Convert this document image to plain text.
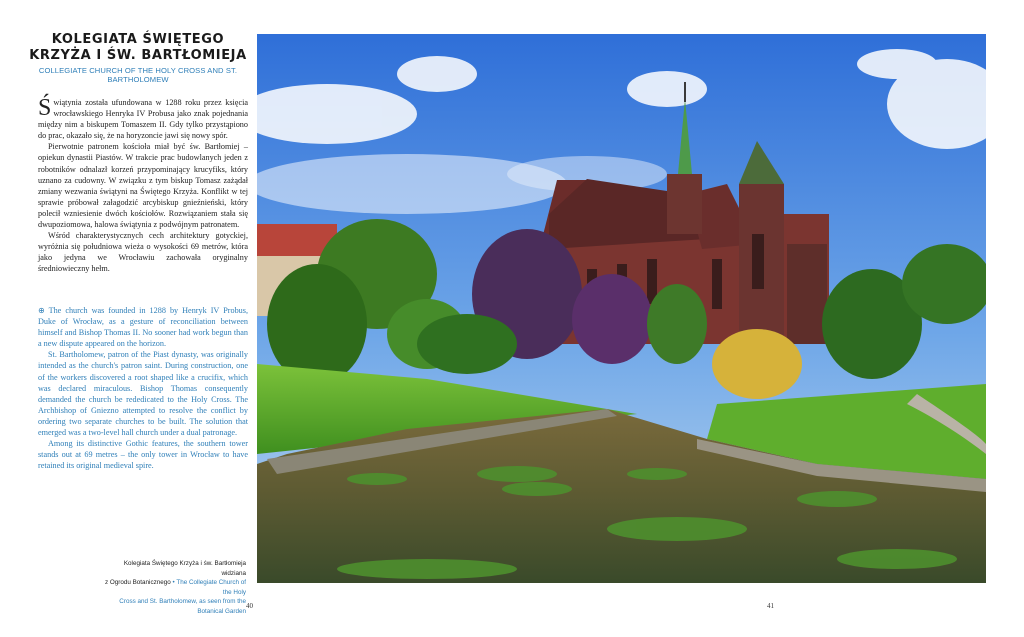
KOLEGIATA ŚWIĘTEGO
KRZYŻA I ŚW. BARTŁOMIEJA
COLLEGIATE CHURCH OF THE HOLY CROSS AND ST. BARTHOLOMEW

Świątynia została ufundowana w 1288 roku przez księcia wrocławskiego Henryka IV Probusa jako znak pojednania między nim a biskupem Tomaszem II. Gdy tylko przystąpiono do prac, okazało się, że na horyzoncie jawi się nowy spór.

Pierwotnie patronem kościoła miał być św. Bartłomiej – opiekun dynastii Piastów. W trakcie prac budowlanych jeden z robotników odnalazł korzeń przypominający krucyfiks, który uznano za cudowny. W związku z tym biskup Tomasz zażądał zmiany wezwania świątyni na Świętego Krzyża. Konflikt w tej sprawie próbował załagodzić arcybiskup gnieźnieński, który polecił wzniesienie dwóch kościołów. Rozwiązaniem stała się dwupoziomowa, halowa świątynia z podwójnym patronatem.

Wśród charakterystycznych cech architektury gotyckiej, wyróżnia się południowa wieża o wysokości 69 metrów, która jako jedyna we Wrocławiu zachowała oryginalny średniowieczny hełm.

⊕ The church was founded in 1288 by Henryk IV Probus, Duke of Wrocław, as a gesture of reconciliation between himself and Bishop Thomas II. No sooner had work begun than a new dispute appeared on the horizon.

St. Bartholomew, patron of the Piast dynasty, was originally intended as the church's patron saint. During construction, one of the workers discovered a root shaped like a crucifix, which was declared miraculous. Bishop Thomas consequently demanded the church be rededicated to the Holy Cross. The Archbishop of Gniezno attempted to resolve the conflict by ordering two separate churches to be built. The solution that emerged was a two-level hall church under a dual patronage.

Among its distinctive Gothic features, the southern tower stands out at 69 metres – the only tower in Wrocław to have retained its original medieval spire.

Kolegiata Świętego Krzyża i św. Bartłomieja widziana
z Ogrodu Botanicznego • The Collegiate Church of the Holy
Cross and St. Bartholomew, as seen from the Botanical Garden
40	41
